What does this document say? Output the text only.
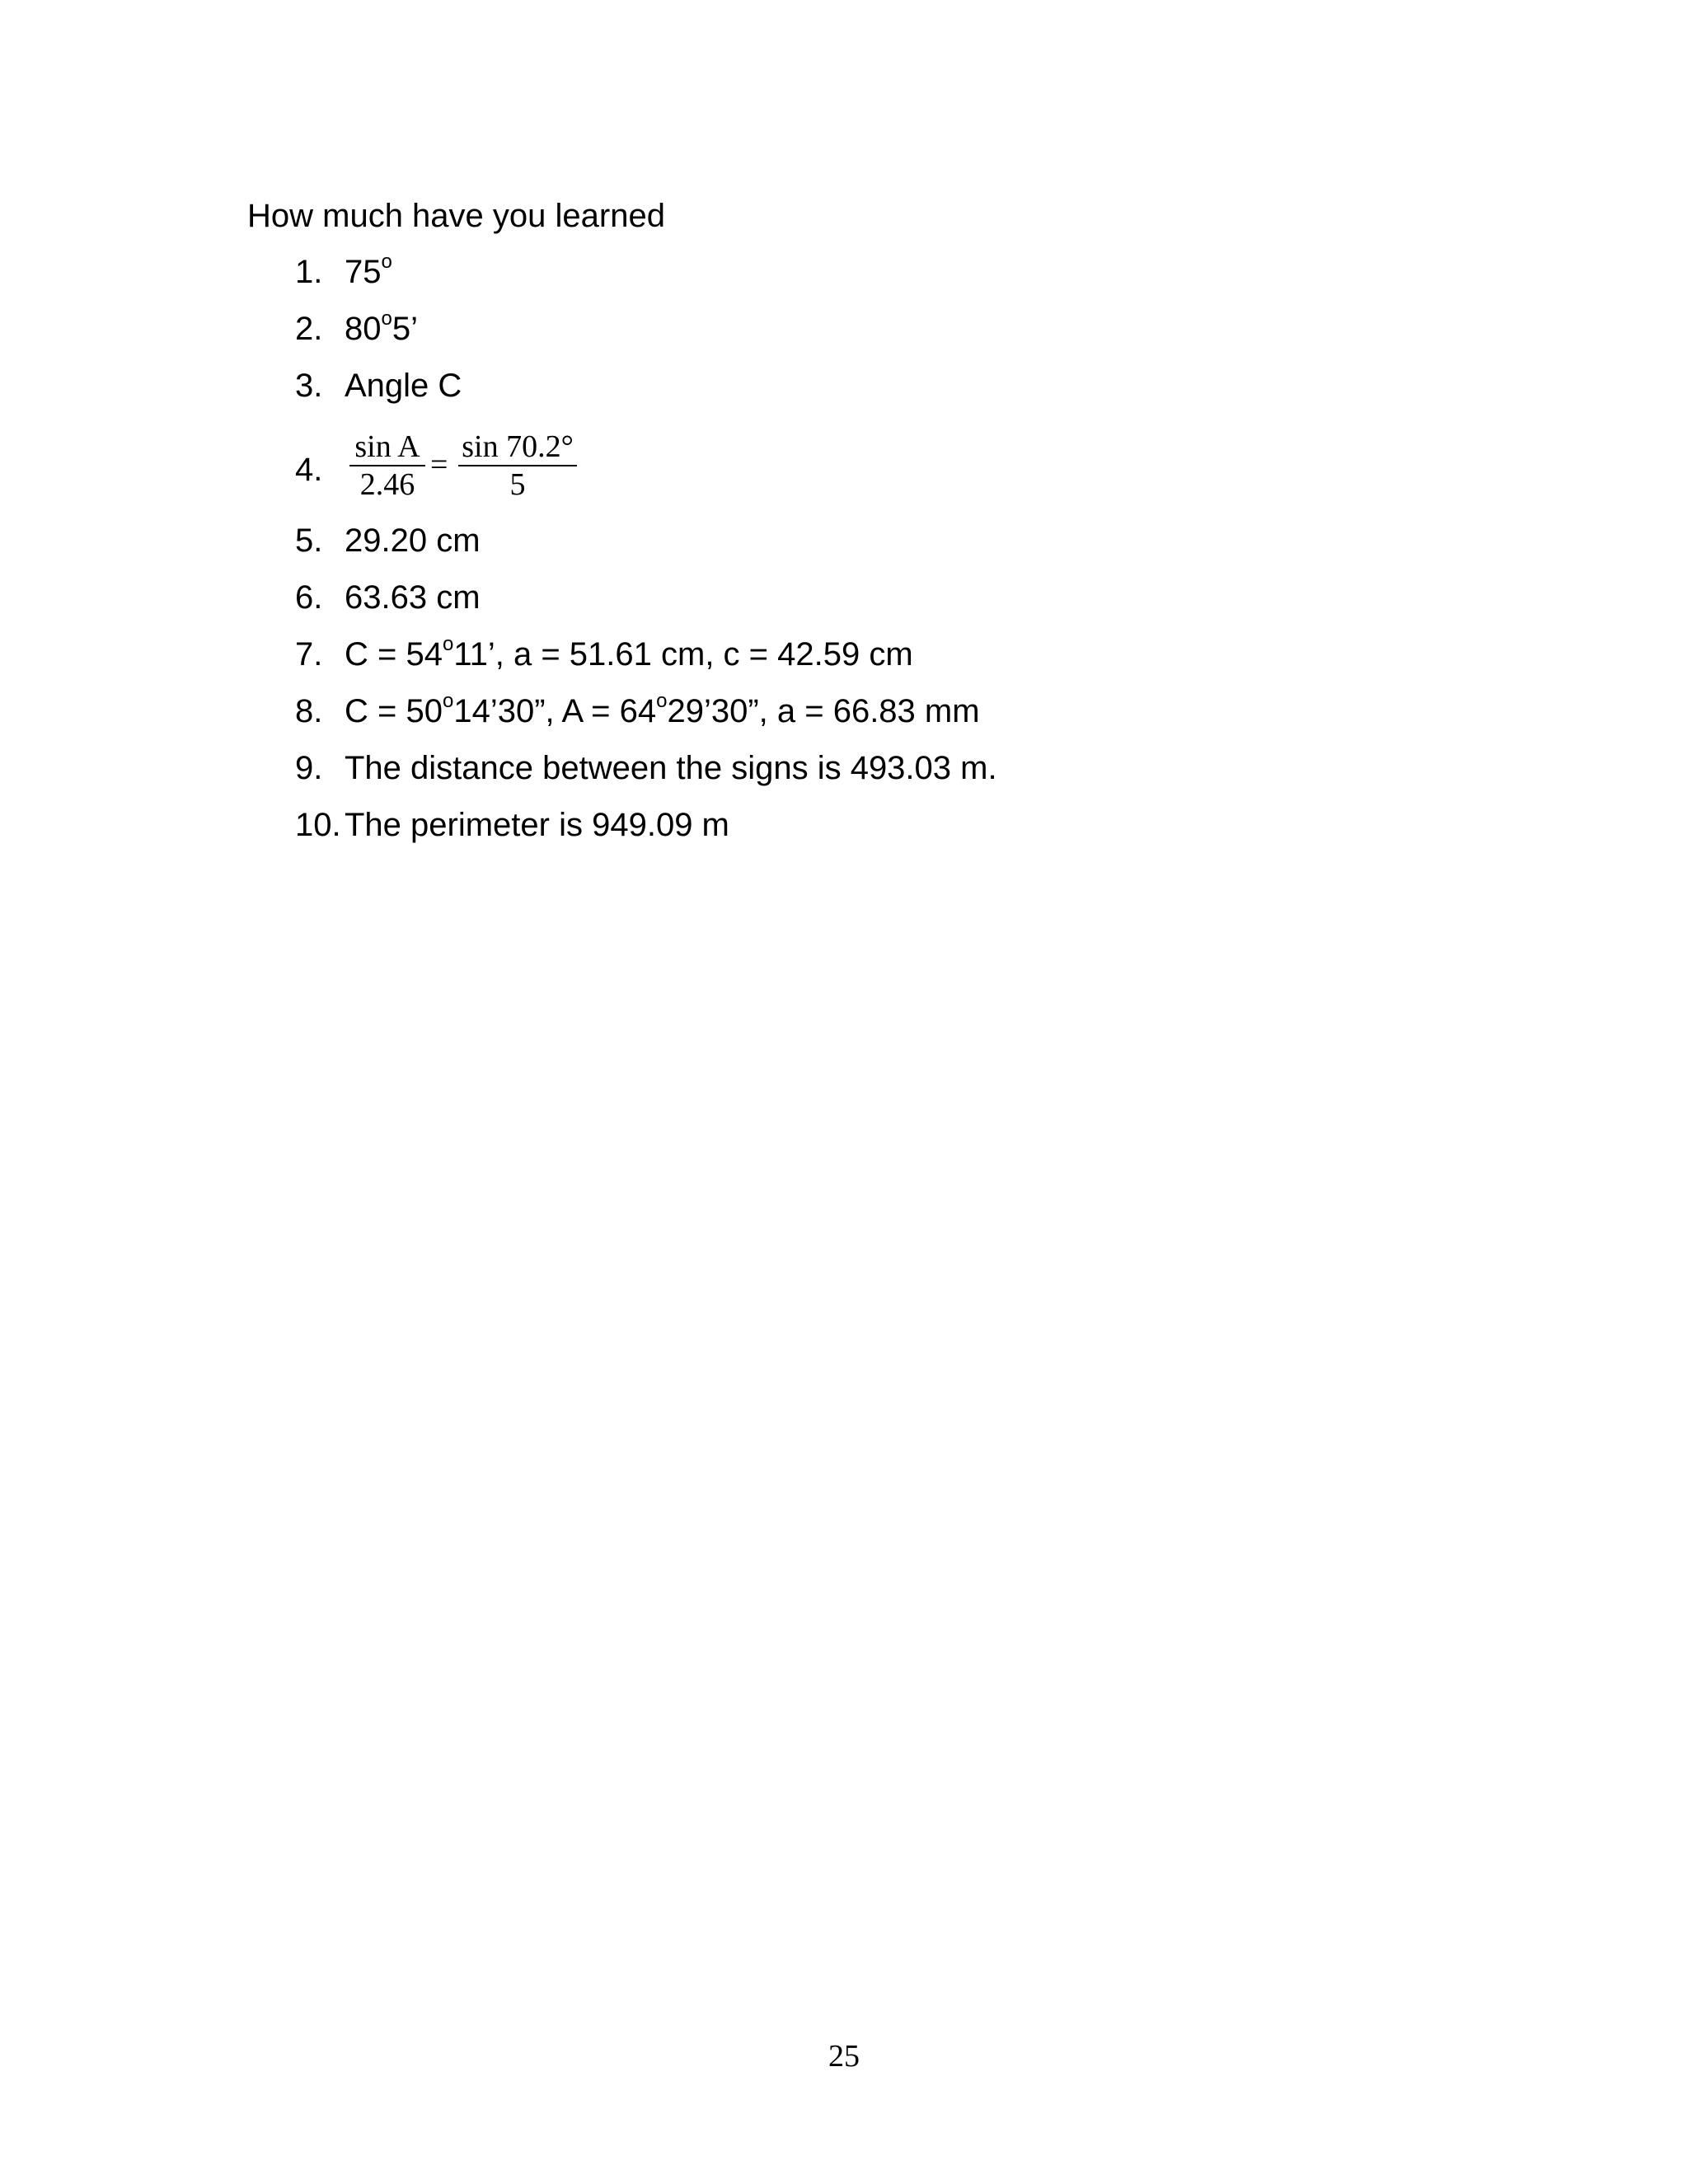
How much have you learned
1. 75$^o$
2. 80$^o$5’
3. Angle C
4.
sin A
2.46
=
sin 70.2°
5
5. 29.20 cm
6. 63.63 cm
7. $C = 54^o11$’, a = 51.61 cm, c = 42.59 cm
8. $C = 50^o14’30$”, $A = 64^o29’30$”, a = 66.83 mm
9. The distance between the signs is 493.03 m.
10. The perimeter is 949.09 m
25
